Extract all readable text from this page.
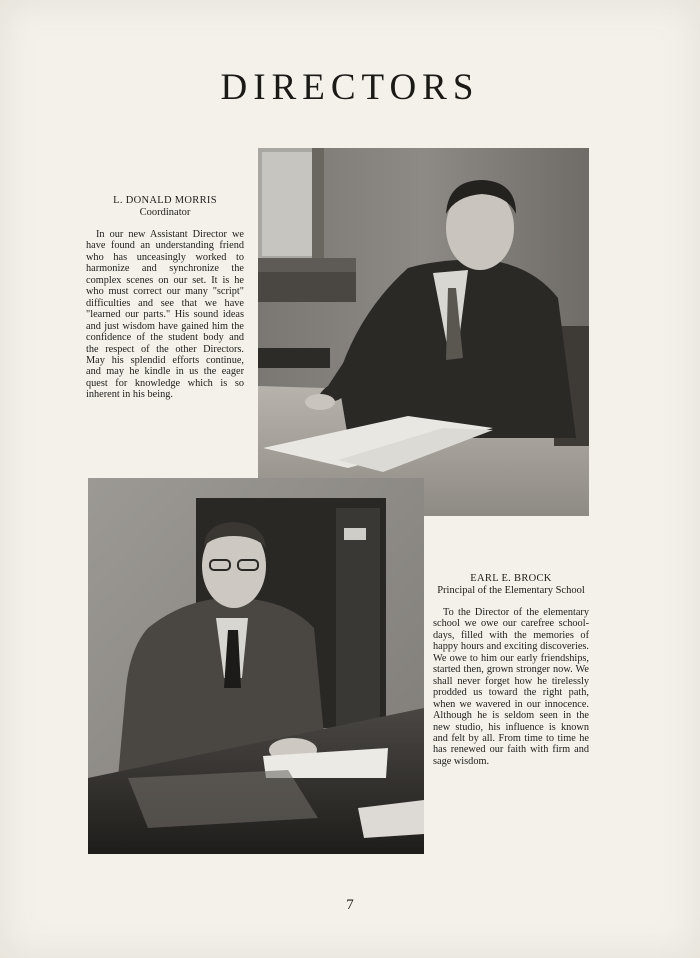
DIRECTORS
L. DONALD MORRIS
Coordinator

In our new Assistant Director we have found an understanding friend who has unceasingly worked to harmonize and synchronize the complex scenes on our set. It is he who must correct our many "script" difficulties and see that we have "learned our parts." His sound ideas and just wisdom have gained him the confidence of the student body and the respect of the other Directors. May his splendid efforts continue, and may he kindle in us the eager quest for knowledge which is so inherent in his being.

EARL E. BROCK
Principal of the Elementary School

To the Director of the elementary school we owe our carefree school-days, filled with the memories of happy hours and exciting discoveries. We owe to him our early friendships, started then, grown stronger now. We shall never forget how he tirelessly prodded us toward the right path, when we wavered in our innocence. Although he is seldom seen in the new studio, his influence is known and felt by all. From time to time he has renewed our faith with firm and sage wisdom.

7
